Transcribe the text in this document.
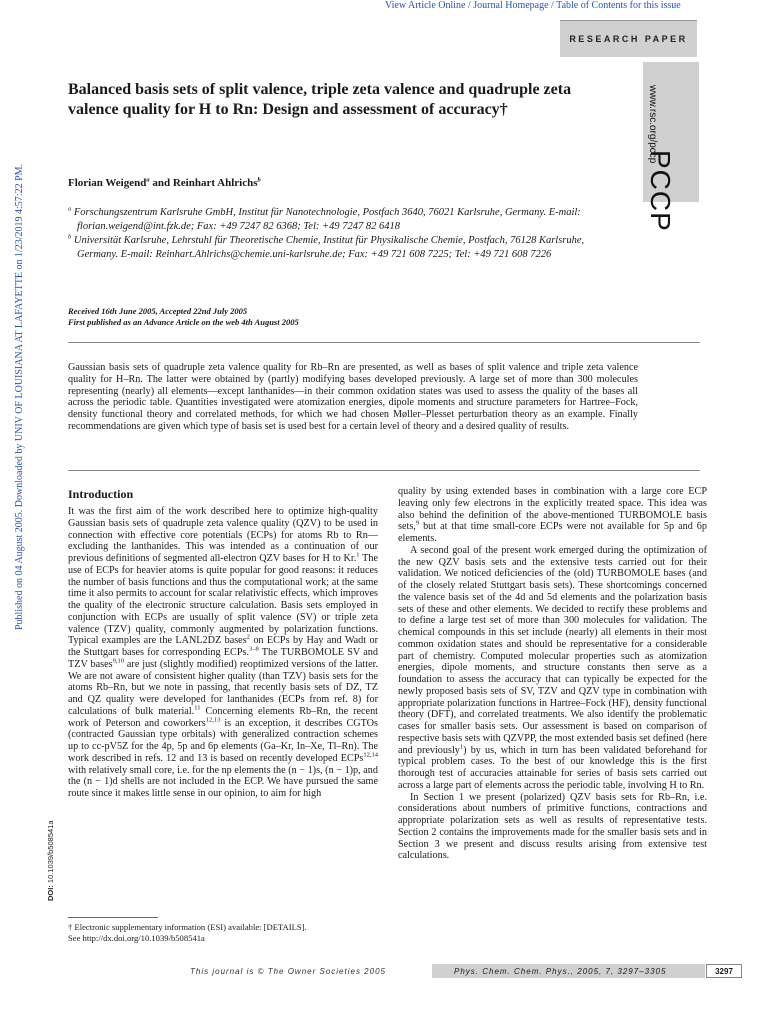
View Article Online / Journal Homepage / Table of Contents for this issue
RESEARCH PAPER
PCCP
www.rsc.org/pccp
Published on 04 August 2005. Downloaded by UNIV OF LOUISIANA AT LAFAYETTE on 1/23/2019 4:57:22 PM.
DOI: 10.1039/b508541a
Balanced basis sets of split valence, triple zeta valence and quadruple zeta valence quality for H to Rn: Design and assessment of accuracy†
Florian Weigend$^a$ and Reinhart Ahlrichs$^b$

$^a$ Forschungszentrum Karlsruhe GmbH, Institut für Nanotechnologie, Postfach 3640, 76021 Karlsruhe, Germany. E-mail: florian.weigend@int.fzk.de; Fax: +49 7247 82 6368; Tel: +49 7247 82 6418

$^b$ Universität Karlsruhe, Lehrstuhl für Theoretische Chemie, Institut für Physikalische Chemie, Postfach, 76128 Karlsruhe, Germany. E-mail: Reinhart.Ahlrichs@chemie.uni-karlsruhe.de; Fax: +49 721 608 7225; Tel: +49 721 608 7226

Received 16th June 2005, Accepted 22nd July 2005
First published as an Advance Article on the web 4th August 2005
Gaussian basis sets of quadruple zeta valence quality for Rb–Rn are presented, as well as bases of split valence and triple zeta valence quality for H–Rn. The latter were obtained by (partly) modifying bases developed previously. A large set of more than 300 molecules representing (nearly) all elements—except lanthanides—in their common oxidation states was used to assess the quality of the bases all across the periodic table. Quantities investigated were atomization energies, dipole moments and structure parameters for Hartree–Fock, density functional theory and correlated methods, for which we had chosen Møller–Plesset perturbation theory as an example. Finally recommendations are given which type of basis set is used best for a certain level of theory and a desired quality of results.
Introduction

It was the first aim of the work described here to optimize high-quality Gaussian basis sets of quadruple zeta valence quality (QZV) to be used in connection with effective core potentials (ECPs) for atoms Rb to Rn—excluding the lanthanides. This was intended as a continuation of our previous definitions of segmented all-electron QZV bases for H to Kr.$^1$ The use of ECPs for heavier atoms is quite popular for good reasons: it reduces the number of basis functions and thus the computational work; at the same time it also permits to account for scalar relativistic effects, which improves the quality of the electronic structure calculation. Basis sets employed in conjunction with ECPs are usually of split valence (SV) or triple zeta valence (TZV) quality, commonly augmented by polarization functions. Typical examples are the LANL2DZ bases$^2$ on ECPs by Hay and Wadt or the Stuttgart bases for corresponding ECPs.$^{3-8}$ The TURBOMOLE SV and TZV bases$^{9,10}$ are just (slightly modified) reoptimized versions of the latter. We are not aware of consistent higher quality (than TZV) basis sets for the atoms Rb–Rn, but we note in passing, that recently basis sets of DZ, TZ and QZ quality were developed for lanthanides (ECPs from ref. 8) for calculations of bulk material.$^{11}$ Concerning elements Rb–Rn, the recent work of Peterson and coworkers$^{12,13}$ is an exception, it describes CGTOs (contracted Gaussian type orbitals) with generalized contraction schemes up to cc-pV5Z for the 4p, 5p and 6p elements (Ga–Kr, In–Xe, Tl–Rn). The work described in refs. 12 and 13 is based on recently developed ECPs$^{12,14}$ with relatively small core, i.e. for the np elements the (n − 1)s, (n − 1)p, and the (n − 1)d shells are not included in the ECP. We have pursued the same route since it makes little sense in our opinion, to aim for high

quality by using extended bases in combination with a large core ECP leaving only few electrons in the explicitly treated space. This idea was also behind the definition of the above-mentioned TURBOMOLE basis sets,$^9$ but at that time small-core ECPs were not available for 5p and 6p elements.

A second goal of the present work emerged during the optimization of the new QZV basis sets and the extensive tests carried out for their validation. We noticed deficiencies of the (old) TURBOMOLE bases (and of the closely related Stuttgart basis sets). These shortcomings concerned the valence basis set of the 4d and 5d elements and the polarization basis sets of these and other elements. We decided to rectify these problems and to define a large test set of more than 300 molecules for validation. The chemical compounds in this set include (nearly) all elements in their most common oxidation states and should be representative for a considerable part of chemistry. Computed molecular properties such as atomization energies, dipole moments, and structure constants then serve as a foundation to assess the accuracy that can typically be expected for the newly proposed basis sets of SV, TZV and QZV type in combination with appropriate polarization functions in Hartree–Fock (HF), density functional theory (DFT), and correlated treatments. We also identify the problematic cases for smaller basis sets. Our assessment is based on comparison of respective basis sets with QZVPP, the most extended basis set defined (here and previously$^1$) by us, which in turn has been validated beforehand for typical problem cases. To the best of our knowledge this is the first thorough test of accuracies attainable for series of basis sets carried out across a large part of elements across the periodic table, involving H to Rn.

In Section 1 we present (polarized) QZV basis sets for Rb–Rn, i.e. considerations about numbers of primitive functions, contractions and appropriate polarization sets as well as results of representative tests. Section 2 contains the improvements made for the smaller basis sets and in Section 3 we present and discuss results arising from extensive test calculations.

† Electronic supplementary information (ESI) available: [DETAILS].
See http://dx.doi.org/10.1039/b508541a
This journal is © The Owner Societies 2005	Phys. Chem. Chem. Phys., 2005, 7, 3297–3305	3297
